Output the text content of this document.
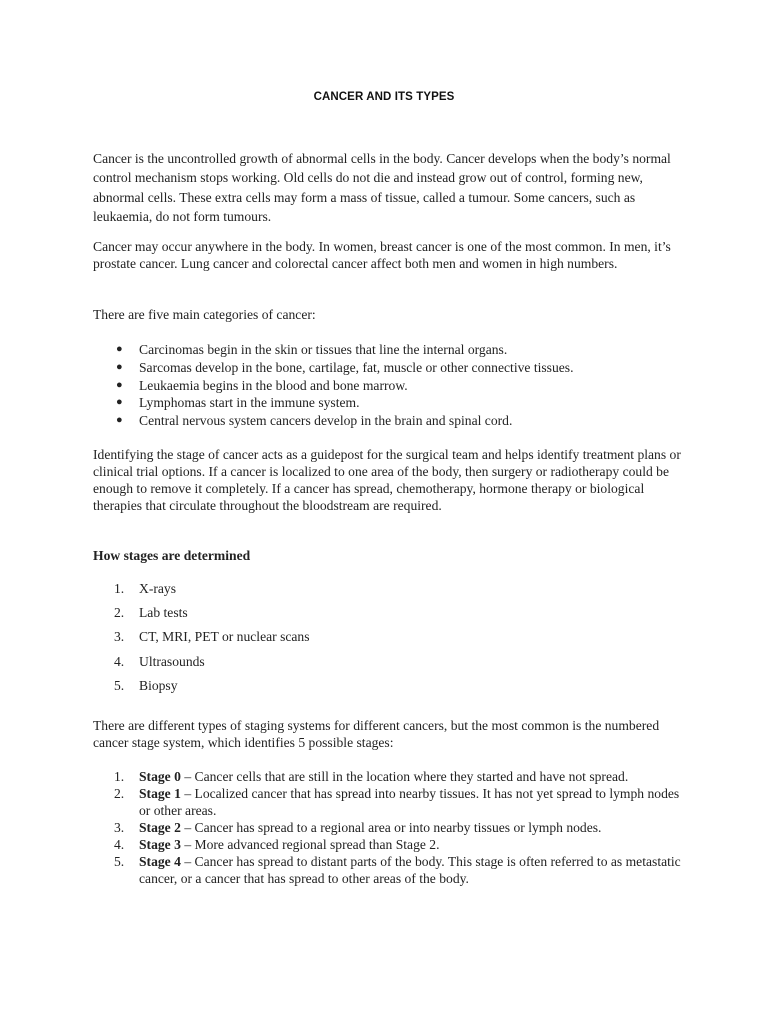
CANCER AND ITS TYPES

Cancer is the uncontrolled growth of abnormal cells in the body. Cancer develops when the body’s normal control mechanism stops working. Old cells do not die and instead grow out of control, forming new, abnormal cells. These extra cells may form a mass of tissue, called a tumour. Some cancers, such as leukaemia, do not form tumours.

Cancer may occur anywhere in the body. In women, breast cancer is one of the most common. In men, it’s prostate cancer. Lung cancer and colorectal cancer affect both men and women in high numbers.

There are five main categories of cancer:

● Carcinomas begin in the skin or tissues that line the internal organs.
● Sarcomas develop in the bone, cartilage, fat, muscle or other connective tissues.
● Leukaemia begins in the blood and bone marrow.
● Lymphomas start in the immune system.
● Central nervous system cancers develop in the brain and spinal cord.

Identifying the stage of cancer acts as a guidepost for the surgical team and helps identify treatment plans or clinical trial options. If a cancer is localized to one area of the body, then surgery or radiotherapy could be enough to remove it completely. If a cancer has spread, chemotherapy, hormone therapy or biological therapies that circulate throughout the bloodstream are required.

How stages are determined
1. X-rays
2. Lab tests
3. CT, MRI, PET or nuclear scans
4. Ultrasounds
5. Biopsy

There are different types of staging systems for different cancers, but the most common is the numbered cancer stage system, which identifies 5 possible stages:

1. Stage 0 – Cancer cells that are still in the location where they started and have not spread.
2. Stage 1 – Localized cancer that has spread into nearby tissues. It has not yet spread to lymph nodes or other areas.
3. Stage 2 – Cancer has spread to a regional area or into nearby tissues or lymph nodes.
4. Stage 3 – More advanced regional spread than Stage 2.
5. Stage 4 – Cancer has spread to distant parts of the body. This stage is often referred to as metastatic cancer, or a cancer that has spread to other areas of the body.
